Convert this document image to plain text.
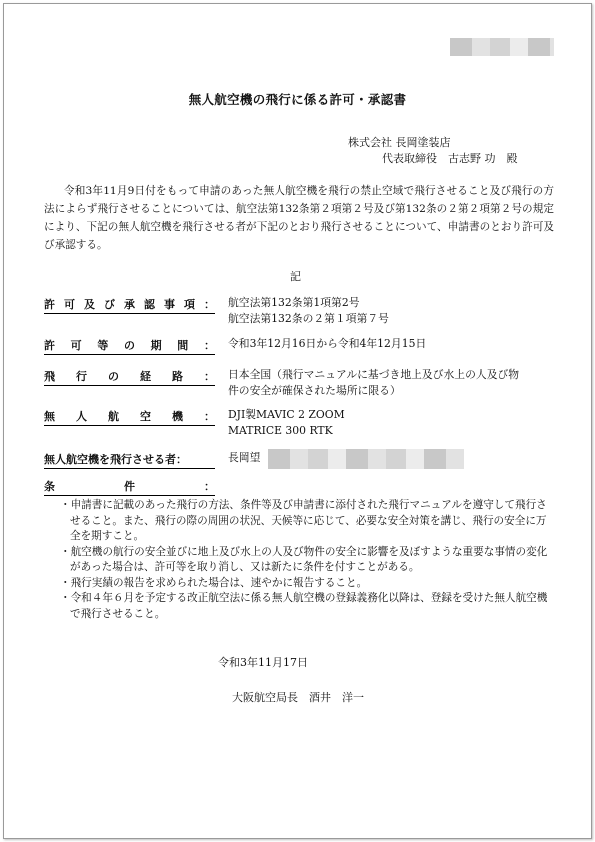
無人航空機の飛行に係る許可・承認書
株式会社 長岡塗装店
代表取締役　古志野 功　殿

令和3年11月9日付をもって申請のあった無人航空機を飛行の禁止空域で飛行させること及び飛行の方法によらず飛行させることについては、航空法第132条第２項第２号及び第132条の２第２項第２号の規定により、下記の無人航空機を飛行させる者が下記のとおり飛行させることについて、申請書のとおり許可及び承認する。

記
許 可 及 び 承 認 事 項 ： 航空法第132条第1項第2号
航空法第132条の２第１項第７号
許 可 等 の 期 間 ： 令和3年12月16日から令和4年12月15日
飛 行 の 経 路 ： 日本全国（飛行マニュアルに基づき地上及び水上の人及び物
件の安全が確保された場所に限る）
無 人 航 空 機 ： DJI製MAVIC 2 ZOOM
MATRICE 300 RTK
無人航空機を飛行させる者：	長岡望
条	件	：
・申請書に記載のあった飛行の方法、条件等及び申請書に添付された飛行マニュアルを遵守して飛行させること。また、飛行の際の周囲の状況、天候等に応じて、必要な安全対策を講じ、飛行の安全に万全を期すこと。
・航空機の航行の安全並びに地上及び水上の人及び物件の安全に影響を及ぼすような重要な事情の変化があった場合は、許可等を取り消し、又は新たに条件を付すことがある。
・飛行実績の報告を求められた場合は、速やかに報告すること。
・令和４年６月を予定する改正航空法に係る無人航空機の登録義務化以降は、登録を受けた無人航空機で飛行させること。
令和3年11月17日
大阪航空局長　酒井　洋一
